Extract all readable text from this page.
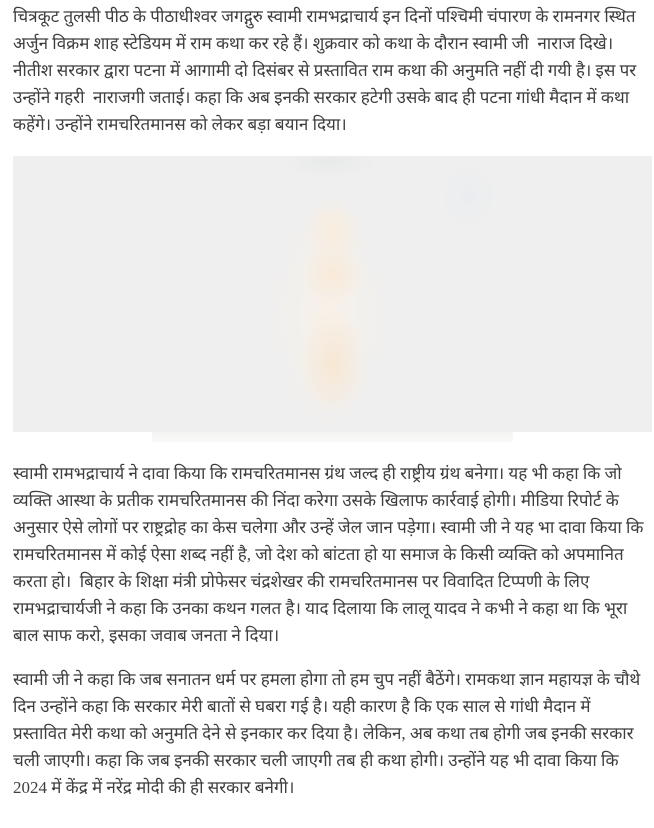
चित्रकूट तुलसी पीठ के पीठाधीश्वर जगद्गुरु स्वामी रामभद्राचार्य इन दिनों पश्चिमी चंपारण के रामनगर स्थित अर्जुन विक्रम शाह स्टेडियम में राम कथा कर रहे हैं। शुक्रवार को कथा के दौरान स्वामी जी  नाराज दिखे। नीतीश सरकार द्वारा पटना में आगामी दो दिसंबर से प्रस्तावित राम कथा की अनुमति नहीं दी गयी है। इस पर उन्होंने गहरी  नाराजगी जताई। कहा कि अब इनकी सरकार हटेगी उसके बाद ही पटना गांधी मैदान में कथा कहेंगे। उन्होंने रामचरितमानस को लेकर बड़ा बयान दिया।

स्वामी रामभद्राचार्य ने दावा किया कि रामचरितमानस ग्रंथ जल्द ही राष्ट्रीय ग्रंथ बनेगा। यह भी कहा कि जो व्यक्ति आस्था के प्रतीक रामचरितमानस की निंदा करेगा उसके खिलाफ कार्रवाई होगी। मीडिया रिपोर्ट के अनुसार ऐसे लोगों पर राष्ट्रद्रोह का केस चलेगा और उन्हें जेल जान पड़ेगा। स्वामी जी ने यह भा दावा किया कि रामचरितमानस में कोई ऐसा शब्द नहीं है, जो देश को बांटता हो या समाज के किसी व्यक्ति को अपमानित करता हो।  बिहार के शिक्षा मंत्री प्रोफेसर चंद्रशेखर की रामचरितमानस पर विवादित टिप्पणी के लिए रामभद्राचार्यजी ने कहा कि उनका कथन गलत है। याद दिलाया कि लालू यादव ने कभी ने कहा था कि भूरा बाल साफ करो, इसका जवाब जनता ने दिया।

स्वामी जी ने कहा कि जब सनातन धर्म पर हमला होगा तो हम चुप नहीं बैठेंगे। रामकथा ज्ञान महायज्ञ के चौथे दिन उन्होंने कहा कि सरकार मेरी बातों से घबरा गई है। यही कारण है कि एक साल से गांधी मैदान में प्रस्तावित मेरी कथा को अनुमति देने से इनकार कर दिया है। लेकिन, अब कथा तब होगी जब इनकी सरकार चली जाएगी। कहा कि जब इनकी सरकार चली जाएगी तब ही कथा होगी। उन्होंने यह भी दावा किया कि 2024 में केंद्र में नरेंद्र मोदी की ही सरकार बनेगी।
